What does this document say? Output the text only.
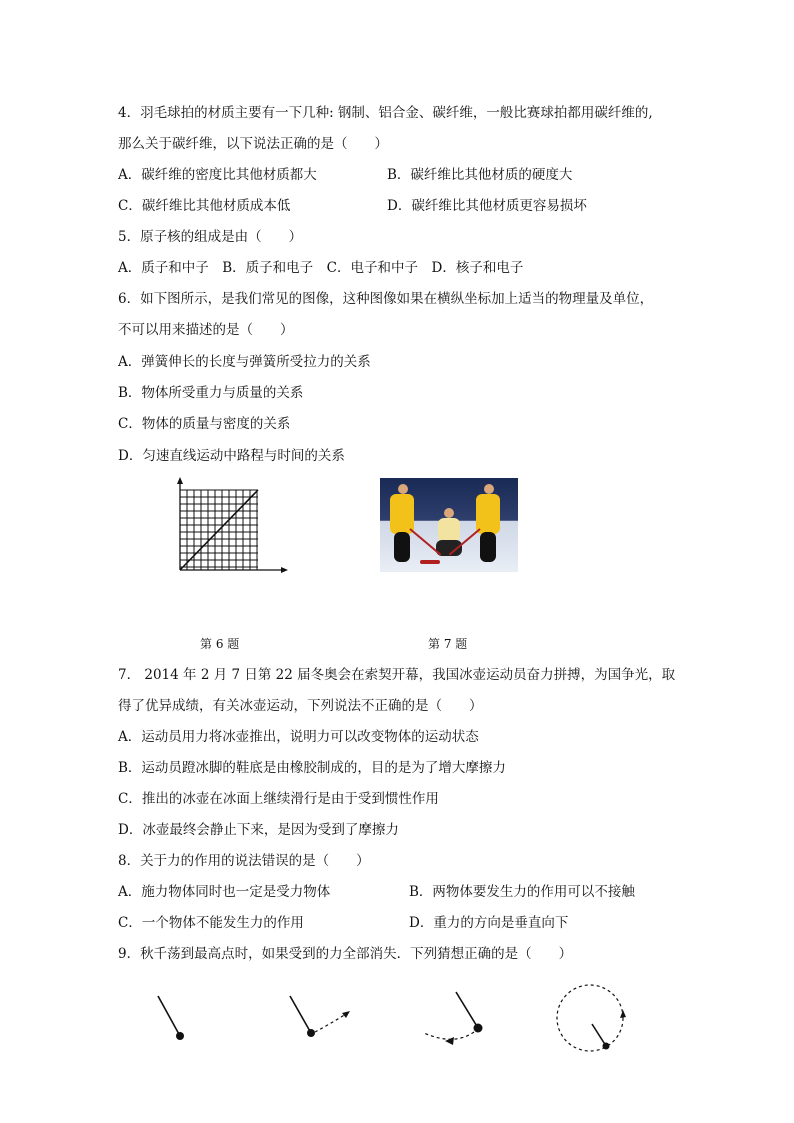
4．羽毛球拍的材质主要有一下几种: 钢制、铝合金、碳纤维，一般比赛球拍都用碳纤维的,
那么关于碳纤维，以下说法正确的是（　　）
A．碳纤维的密度比其他材质都大	B．碳纤维比其他材质的硬度大
C．碳纤维比其他材质成本低	D．碳纤维比其他材质更容易损坏
5．原子核的组成是由（　　）
A．质子和中子　B．质子和电子　C．电子和中子　D．核子和电子
6．如下图所示，是我们常见的图像，这种图像如果在横纵坐标加上适当的物理量及单位，
不可以用来描述的是（　　）
A．弹簧伸长的长度与弹簧所受拉力的关系
B．物体所受重力与质量的关系
C．物体的质量与密度的关系
D．匀速直线运动中路程与时间的关系
第 6 题	第 7 题
7． 2014 年 2 月 7 日第 22 届冬奥会在索契开幕，我国冰壶运动员奋力拼搏，为国争光，取
得了优异成绩，有关冰壶运动，下列说法不正确的是（　　）
A．运动员用力将冰壶推出，说明力可以改变物体的运动状态
B．运动员蹬冰脚的鞋底是由橡胶制成的，目的是为了增大摩擦力
C．推出的冰壶在冰面上继续滑行是由于受到惯性作用
D．冰壶最终会静止下来，是因为受到了摩擦力
8．关于力的作用的说法错误的是（　　）
A．施力物体同时也一定是受力物体	B．两物体要发生力的作用可以不接触
C．一个物体不能发生力的作用	D．重力的方向是垂直向下
9．秋千荡到最高点时，如果受到的力全部消失．下列猜想正确的是（　　）
